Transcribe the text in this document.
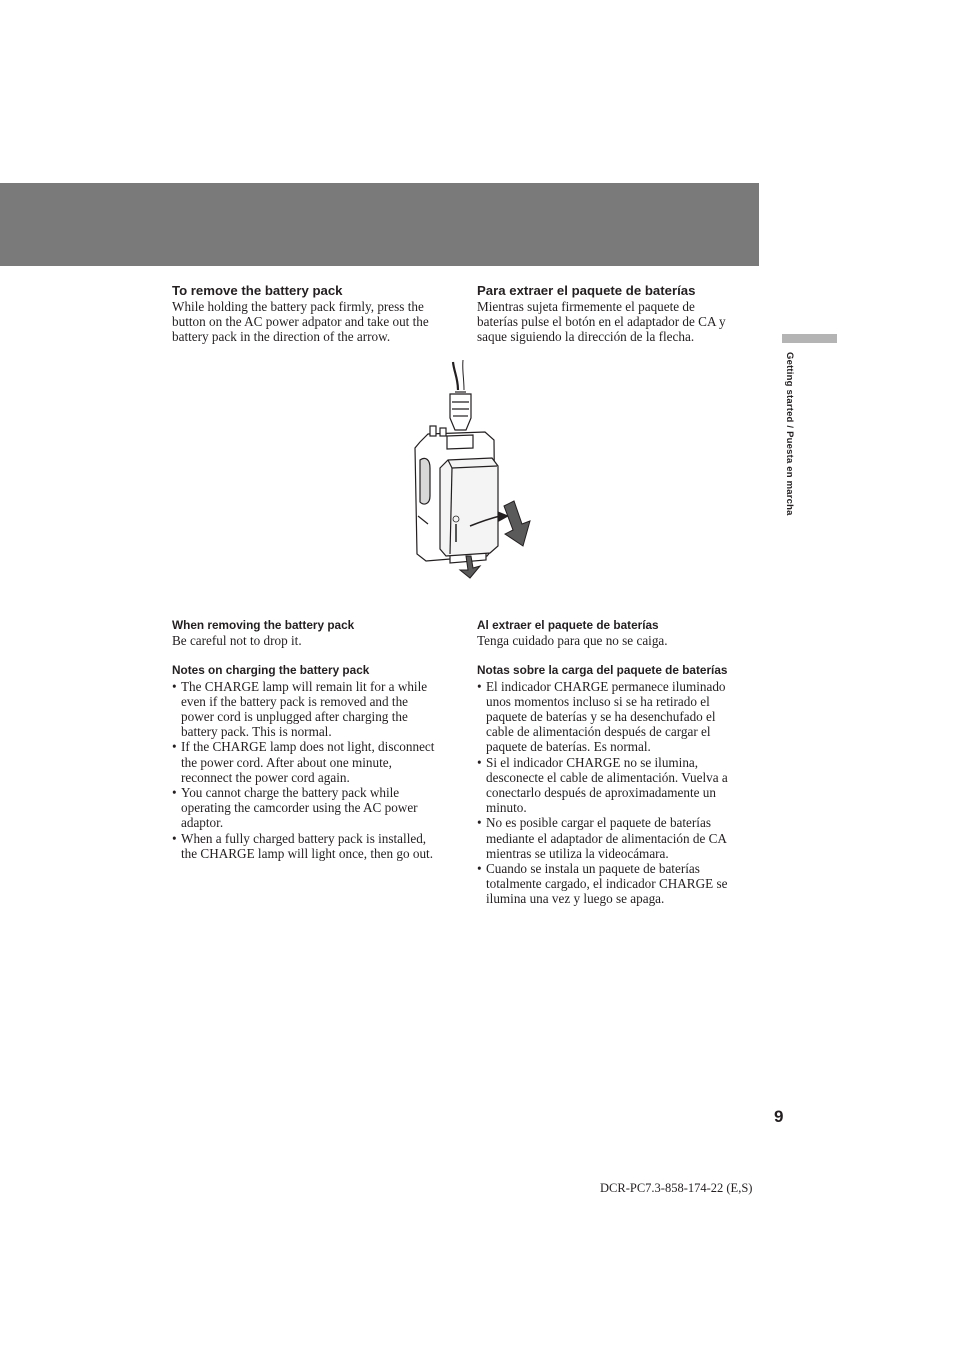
Getting started / Puesta en marcha
To remove the battery pack

While holding the battery pack firmly, press the

button on the AC power adpator and take out the

battery pack in the direction of the arrow.

Para extraer el paquete de baterías

Mientras sujeta firmemente el paquete de

baterías pulse el botón en el adaptador de CA y

saque siguiendo la dirección de la flecha.

When removing the battery pack

Be careful not to drop it.

Notes on charging the battery pack
• The CHARGE lamp will remain lit for a while
even if the battery pack is removed and the
power cord is unplugged after charging the
battery pack. This is normal.
• If the CHARGE lamp does not light, disconnect
the power cord. After about one minute,
reconnect the power cord again.
• You cannot charge the battery pack while
operating the camcorder using the AC power
adaptor.
• When a fully charged battery pack is installed,
the CHARGE lamp will light once, then go out.
Al extraer el paquete de baterías

Tenga cuidado para que no se caiga.

Notas sobre la carga del paquete de baterías
• El indicador CHARGE permanece iluminado
unos momentos incluso si se ha retirado el
paquete de baterías y se ha desenchufado el
cable de alimentación después de cargar el
paquete de baterías. Es normal.
• Si el indicador CHARGE no se ilumina,
desconecte el cable de alimentación. Vuelva a
conectarlo después de aproximadamente un
minuto.
• No es posible cargar el paquete de baterías
mediante el adaptador de alimentación de CA
mientras se utiliza la videocámara.
• Cuando se instala un paquete de baterías
totalmente cargado, el indicador CHARGE se
ilumina una vez y luego se apaga.
9
DCR-PC7.3-858-174-22 (E,S)
